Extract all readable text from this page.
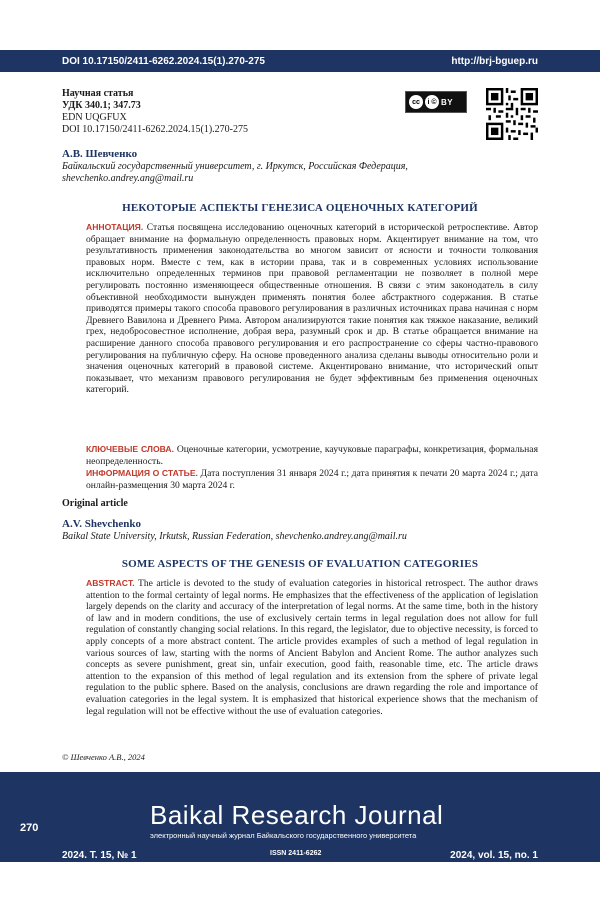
DOI 10.17150/2411-6262.2024.15(1).270-275	http://brj-bguep.ru
Научная статья
УДК 340.1; 347.73
EDN UQGFUX
DOI 10.17150/2411-6262.2024.15(1).270-275
cc	i © BY
А.В. Шевченко
Байкальский государственный университет, г. Иркутск, Российская Федерация,
shevchenko.andrey.ang@mail.ru
НЕКОТОРЫЕ АСПЕКТЫ ГЕНЕЗИСА ОЦЕНОЧНЫХ КАТЕГОРИЙ
АННОТАЦИЯ. Статья посвящена исследованию оценочных категорий в исторической ретроспективе. Автор обращает внимание на формальную определенность правовых норм. Акцентирует внимание на том, что результативность применения законодательства во многом зависит от ясности и точности толкования правовых норм. Вместе с тем, как в истории права, так и в современных условиях использование исключительно определенных терминов при правовой регламентации не позволяет в полной мере регулировать постоянно изменяющееся общественные отношения. В связи с этим законодатель в силу объективной необходимости вынужден применять понятия более абстрактного содержания. В статье приводятся примеры такого способа правового регулирования в различных источниках права начиная с норм Древнего Вавилона и Древнего Рима. Автором анализируются такие понятия как тяжкое наказание, великий грех, недобросовестное исполнение, добрая вера, разумный срок и др. В статье обращается внимание на расширение данного способа правового регулирования и его распространение со сферы частно-правового регулирования на публичную сферу. На основе проведенного анализа сделаны выводы относительно роли и значения оценочных категорий в правовой системе. Акцентировано внимание, что исторический опыт показывает, что механизм правового регулирования не будет эффективным без применения оценочных категорий.
КЛЮЧЕВЫЕ СЛОВА. Оценочные категории, усмотрение, каучуковые параграфы, конкретизация, формальная неопределенность.
ИНФОРМАЦИЯ О СТАТЬЕ. Дата поступления 31 января 2024 г.; дата принятия к печати 20 марта 2024 г.; дата онлайн-размещения 30 марта 2024 г.
Original article
A.V. Shevchenko
Baikal State University, Irkutsk, Russian Federation, shevchenko.andrey.ang@mail.ru
SOME ASPECTS OF THE GENESIS OF EVALUATION CATEGORIES
ABSTRACT. The article is devoted to the study of evaluation categories in historical retrospect. The author draws attention to the formal certainty of legal norms. He emphasizes that the effectiveness of the application of legislation largely depends on the clarity and accuracy of the interpretation of legal norms. At the same time, both in the history of law and in modern conditions, the use of exclusively certain terms in legal regulation does not allow for full regulation of constantly changing social relations. In this regard, the legislator, due to objective necessity, is forced to apply concepts of a more abstract content. The article provides examples of such a method of legal regulation in various sources of law, starting with the norms of Ancient Babylon and Ancient Rome. The author analyzes such concepts as severe punishment, great sin, unfair execution, good faith, reasonable time, etc. The article draws attention to the expansion of this method of legal regulation and its extension from the sphere of private legal regulation to the public sphere. Based on the analysis, conclusions are drawn regarding the role and importance of evaluation categories in the legal system. It is emphasized that historical experience shows that the mechanism of legal regulation will not be effective without the use of evaluation categories.
© Шевченко А.В., 2024
270	Baikal Research Journal
электронный научный журнал Байкальского государственного университета
2024. Т. 15, № 1	ISSN 2411-6262	2024, vol. 15, no. 1
